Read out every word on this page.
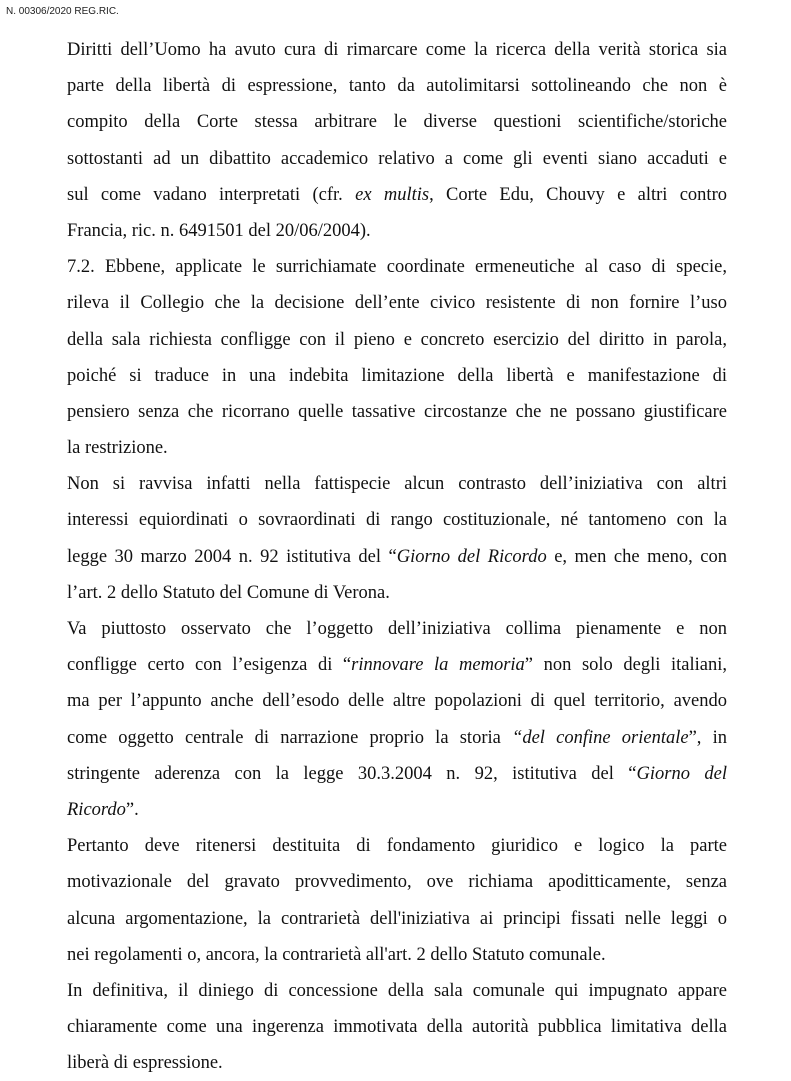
N. 00306/2020 REG.RIC.
Diritti dell’Uomo ha avuto cura di rimarcare come la ricerca della verità storica sia
parte della libertà di espressione, tanto da autolimitarsi sottolineando che non è
compito della Corte stessa arbitrare le diverse questioni scientifiche/storiche
sottostanti ad un dibattito accademico relativo a come gli eventi siano accaduti e
sul come vadano interpretati (cfr. ex multis, Corte Edu, Chouvy e altri contro
Francia, ric. n. 6491501 del 20/06/2004).
7.2. Ebbene, applicate le surrichiamate coordinate ermeneutiche al caso di specie,
rileva il Collegio che la decisione dell’ente civico resistente di non fornire l’uso
della sala richiesta confligge con il pieno e concreto esercizio del diritto in parola,
poiché si traduce in una indebita limitazione della libertà e manifestazione di
pensiero senza che ricorrano quelle tassative circostanze che ne possano giustificare
la restrizione.
Non si ravvisa infatti nella fattispecie alcun contrasto dell’iniziativa con altri
interessi equiordinati o sovraordinati di rango costituzionale, né tantomeno con la
legge 30 marzo 2004 n. 92 istitutiva del “Giorno del Ricordo e, men che meno, con
l’art. 2 dello Statuto del Comune di Verona.
Va piuttosto osservato che l’oggetto dell’iniziativa collima pienamente e non
confligge certo con l’esigenza di “rinnovare la memoria” non solo degli italiani,
ma per l’appunto anche dell’esodo delle altre popolazioni di quel territorio, avendo
come oggetto centrale di narrazione proprio la storia “del confine orientale”, in
stringente aderenza con la legge 30.3.2004 n. 92, istitutiva del “Giorno del
Ricordo”.
Pertanto deve ritenersi destituita di fondamento giuridico e logico la parte
motivazionale del gravato provvedimento, ove richiama apoditticamente, senza
alcuna argomentazione, la contrarietà dell'iniziativa ai principi fissati nelle leggi o
nei regolamenti o, ancora, la contrarietà all'art. 2 dello Statuto comunale.
In definitiva, il diniego di concessione della sala comunale qui impugnato appare
chiaramente come una ingerenza immotivata della autorità pubblica limitativa della
liberà di espressione.
